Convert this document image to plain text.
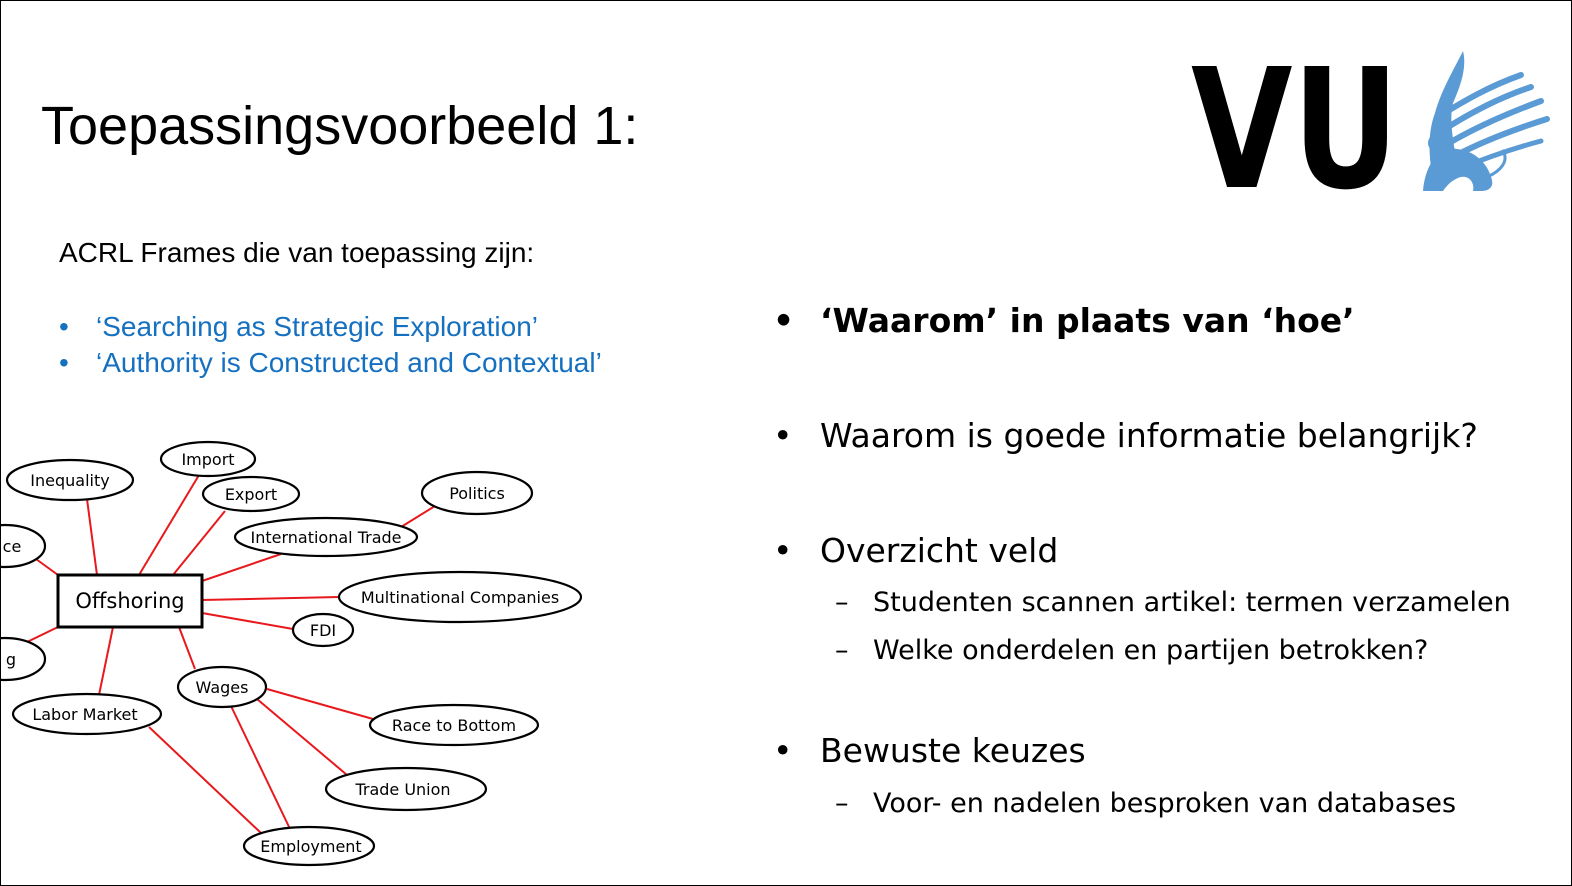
Toepassingsvoorbeeld 1:	VU
ACRL Frames die van toepassing zijn:
• ‘Searching as Strategic Exploration’
• ‘Authority is Constructed and Contextual’
Inequality
Import
Export	Politics
International Trade
ce
Offshoring	Multinational Companies
FDI
g
Wages
Labor Market
Race to Bottom
Trade Union
Employment
• ‘Waarom’ in plaats van ‘hoe’
• Waarom is goede informatie belangrijk?
• Overzicht veld
– Studenten scannen artikel: termen verzamelen
– Welke onderdelen en partijen betrokken?
• Bewuste keuzes
– Voor- en nadelen besproken van databases
